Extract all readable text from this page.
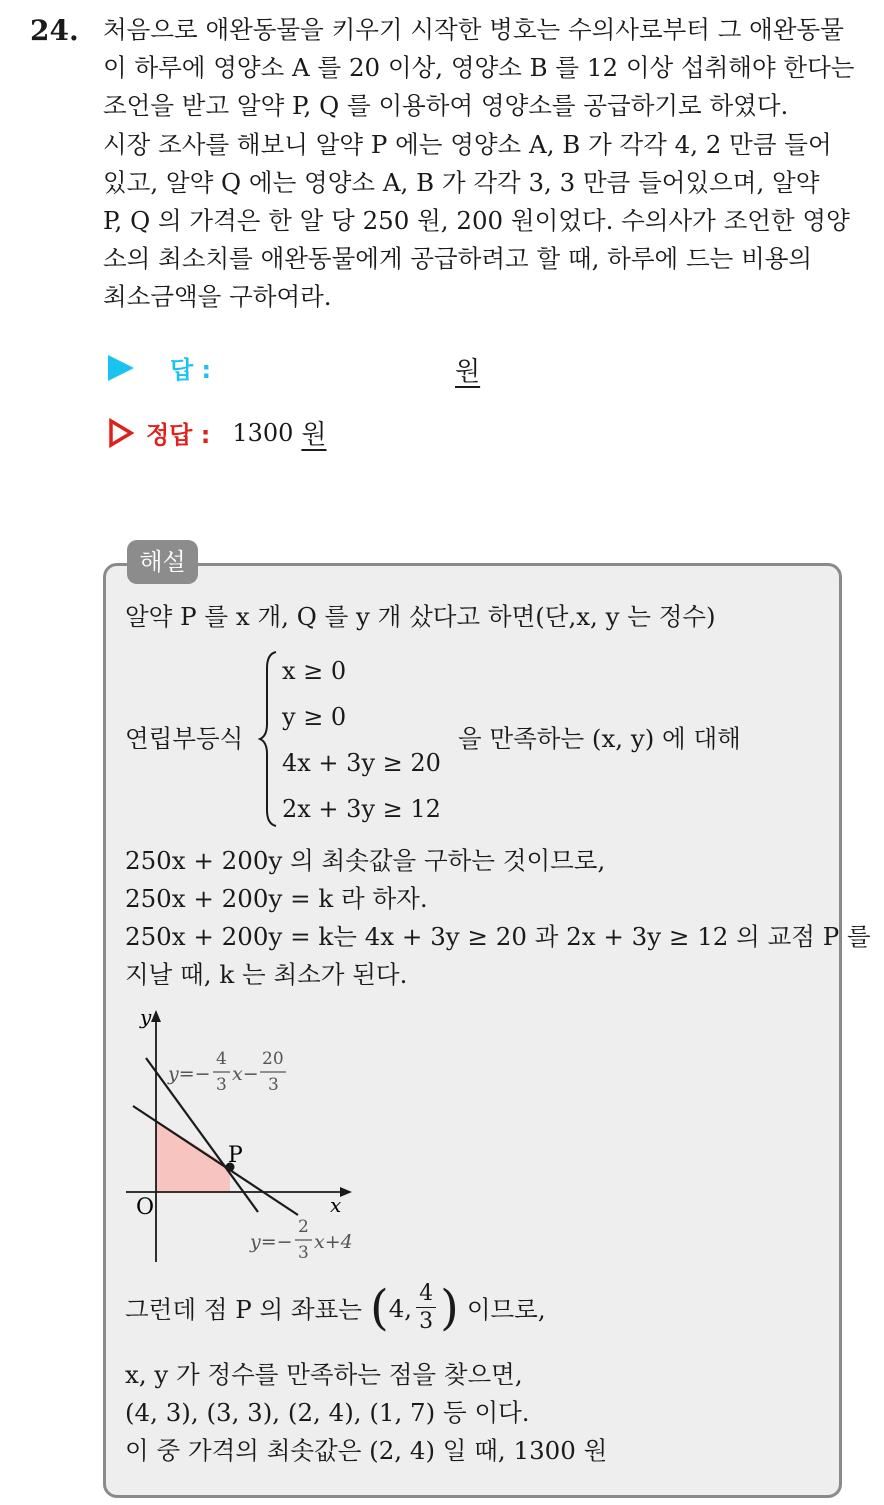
24. 처음으로 애완동물을 키우기 시작한 병호는 수의사로부터 그 애완동물
이 하루에 영양소 A 를 20 이상, 영양소 B 를 12 이상 섭취해야 한다는
조언을 받고 알약 P, Q 를 이용하여 영양소를 공급하기로 하였다.
시장 조사를 해보니 알약 P 에는 영양소 A, B 가 각각 4, 2 만큼 들어
있고, 알약 Q 에는 영양소 A, B 가 각각 3, 3 만큼 들어있으며, 알약
P, Q 의 가격은 한 알 당 250 원, 200 원이었다. 수의사가 조언한 영양
소의 최소치를 애완동물에게 공급하려고 할 때, 하루에 드는 비용의
최소금액을 구하여라.
답 :	원
정답 : 1300 원
해설
알약 P 를 x 개, Q 를 y 개 샀다고 하면(단,x, y 는 정수)
연립부등식
x ≥ 0
y ≥ 0
4x + 3y ≥ 20
2x + 3y ≥ 12
을 만족하는 (x, y) 에 대해
250x + 200y 의 최솟값을 구하는 것이므로,
250x + 200y = k 라 하자.
250x + 200y = k는 4x + 3y ≥ 20 과 2x + 3y ≥ 12 의 교점 P 를
지날 때, k 는 최소가 된다.
y
x
O
P
y=−
4
3 x−
20
3
y=−
2
3 x+4
그런데 점 P 의 좌표는 ( 4, $\frac{4}{3}$ ) 이므로,
x, y 가 정수를 만족하는 점을 찾으면,
(4, 3), (3, 3), (2, 4), (1, 7) 등 이다.
이 중 가격의 최솟값은 (2, 4) 일 때, 1300 원
